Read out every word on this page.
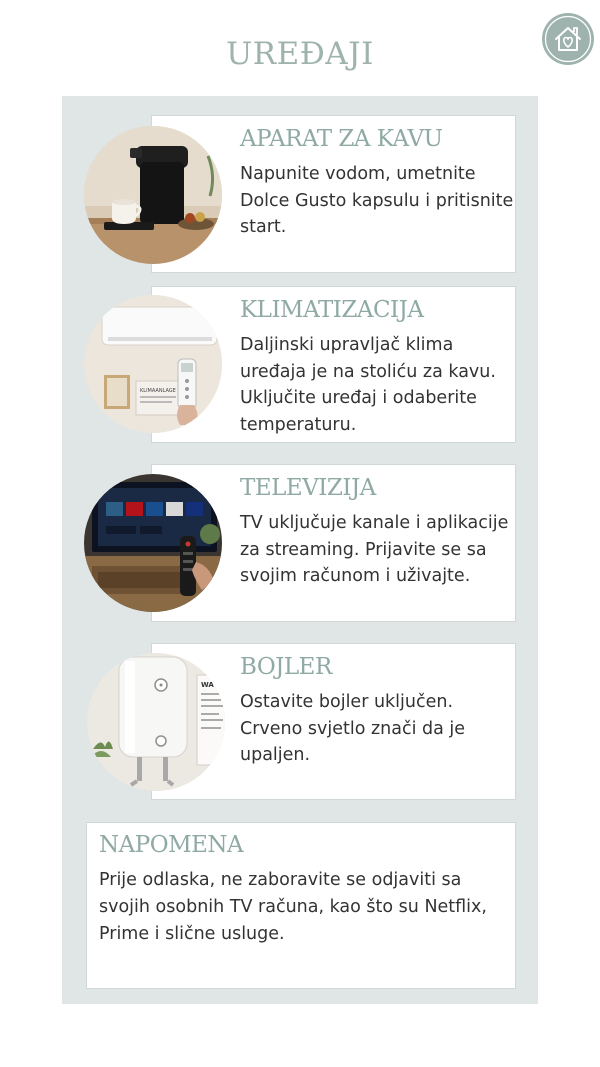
UREĐAJI
APARAT ZA KAVU
Napunite vodom, umetnite Dolce Gusto kapsulu i pritisnite start.
KLIMATIZACIJA
Daljinski upravljač klima uređaja je na stoliću za kavu. Uključite uređaj i odaberite temperaturu.
KLIMAANLAGE
TELEVIZIJA
TV uključuje kanale i aplikacije za streaming. Prijavite se sa svojim računom i uživajte.
BOJLER
Ostavite bojler uključen. Crveno svjetlo znači da je upaljen.
WA
NAPOMENA
Prije odlaska, ne zaboravite se odjaviti sa svojih osobnih TV računa, kao što su Netflix, Prime i slične usluge.
